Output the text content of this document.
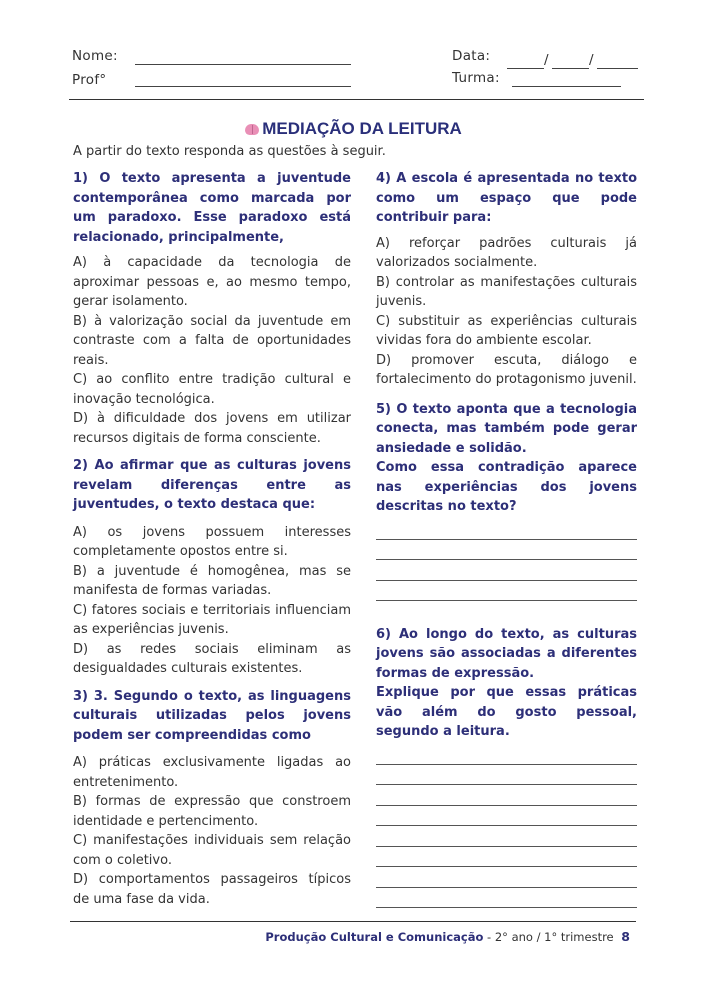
Nome:
Prof°
Data:	/	/
Turma:
MEDIAÇÃO DA LEITURA
A partir do texto responda as questões à seguir.
1) O texto apresenta a juventude contemporânea como marcada por um paradoxo. Esse paradoxo está relacionado, principalmente,

A) à capacidade da tecnologia de aproximar pessoas e, ao mesmo tempo, gerar isolamento.

B) à valorização social da juventude em contraste com a falta de oportunidades reais.

C) ao conflito entre tradição cultural e inovação tecnológica.

D) à dificuldade dos jovens em utilizar recursos digitais de forma consciente.

2) Ao afirmar que as culturas jovens revelam diferenças entre as juventudes, o texto destaca que:

A) os jovens possuem interesses completamente opostos entre si.

B) a juventude é homogênea, mas se manifesta de formas variadas.

C) fatores sociais e territoriais influenciam as experiências juvenis.

D) as redes sociais eliminam as desigualdades culturais existentes.

3) 3. Segundo o texto, as linguagens culturais utilizadas pelos jovens podem ser compreendidas como

A) práticas exclusivamente ligadas ao entretenimento.

B) formas de expressão que constroem identidade e pertencimento.

C) manifestações individuais sem relação com o coletivo.

D) comportamentos passageiros típicos de uma fase da vida.

4) A escola é apresentada no texto como um espaço que pode contribuir para:

A) reforçar padrões culturais já valorizados socialmente.

B) controlar as manifestações culturais juvenis.

C) substituir as experiências culturais vividas fora do ambiente escolar.

D) promover escuta, diálogo e fortalecimento do protagonismo juvenil.

5) O texto aponta que a tecnologia conecta, mas também pode gerar ansiedade e solidão.
Como essa contradição aparece nas experiências dos jovens descritas no texto?
6) Ao longo do texto, as culturas jovens são associadas a diferentes formas de expressão.
Explique por que essas práticas vão além do gosto pessoal, segundo a leitura.
Produção Cultural e Comunicação - 2° ano / 1° trimestre 8
